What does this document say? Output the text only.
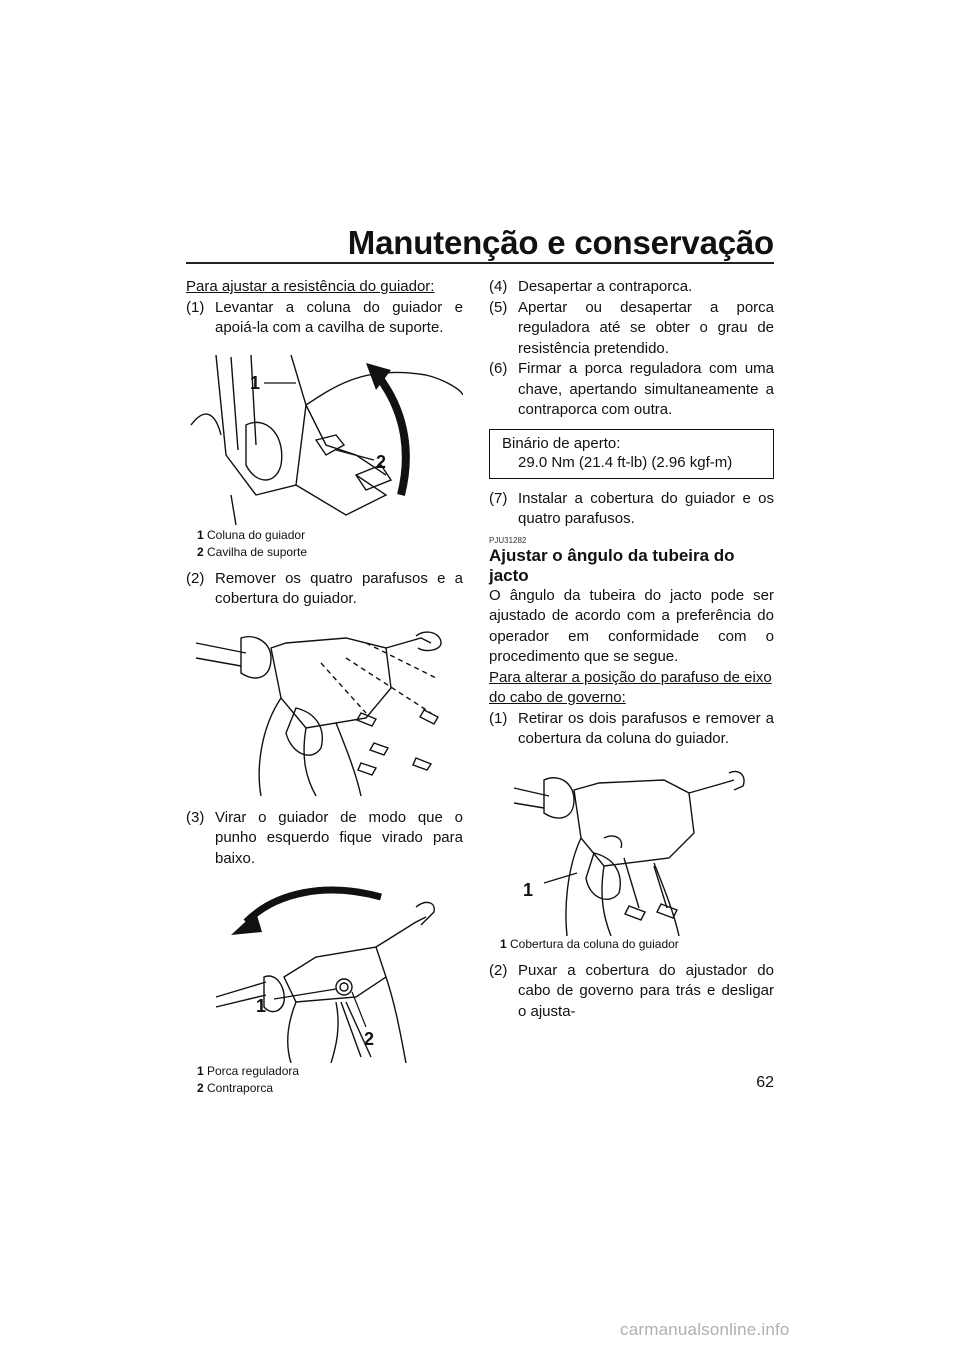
Manutenção e conservação
Para ajustar a resistência do guiador:
(1) Levantar a coluna do guiador e apoiá-la com a cavilha de suporte.
1
2
1 Coluna do guiador
2 Cavilha de suporte
(2) Remover os quatro parafusos e a cobertura do guiador.
(3) Virar o guiador de modo que o punho esquerdo fique virado para baixo.
1
2
1 Porca reguladora
2 Contraporca
(4) Desapertar a contraporca.
(5) Apertar ou desapertar a porca reguladora até se obter o grau de resistência pretendido.
(6) Firmar a porca reguladora com uma chave, apertando simultaneamente a contraporca com outra.
Binário de aperto:
29.0 Nm (21.4 ft-lb) (2.96 kgf-m)
(7) Instalar a cobertura do guiador e os quatro parafusos.
PJU31282
Ajustar o ângulo da tubeira do jacto
O ângulo da tubeira do jacto pode ser ajustado de acordo com a preferência do operador em conformidade com o procedimento que se segue.
Para alterar a posição do parafuso de eixo do cabo de governo:
(1) Retirar os dois parafusos e remover a cobertura da coluna do guiador.
1
1 Cobertura da coluna do guiador
(2) Puxar a cobertura do ajustador do cabo de governo para trás e desligar o ajusta-
62
carmanualsonline.info
